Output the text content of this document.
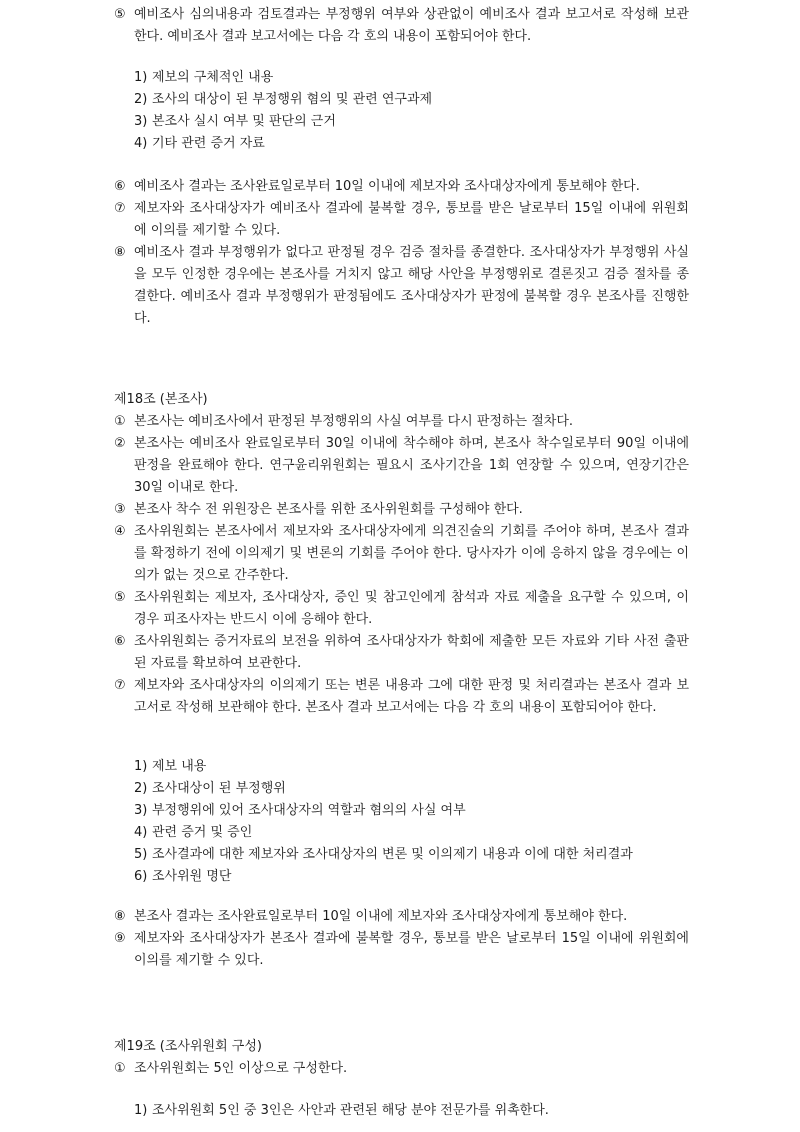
⑤ 예비조사 심의내용과 검토결과는 부정행위 여부와 상관없이 예비조사 결과 보고서로 작성해 보관한다. 예비조사 결과 보고서에는 다음 각 호의 내용이 포함되어야 한다.

1) 제보의 구체적인 내용

2) 조사의 대상이 된 부정행위 혐의 및 관련 연구과제

3) 본조사 실시 여부 및 판단의 근거

4) 기타 관련 증거 자료

⑥ 예비조사 결과는 조사완료일로부터 10일 이내에 제보자와 조사대상자에게 통보해야 한다.

⑦ 제보자와 조사대상자가 예비조사 결과에 불복할 경우, 통보를 받은 날로부터 15일 이내에 위원회에 이의를 제기할 수 있다.

⑧ 예비조사 결과 부정행위가 없다고 판정될 경우 검증 절차를 종결한다. 조사대상자가 부정행위 사실을 모두 인정한 경우에는 본조사를 거치지 않고 해당 사안을 부정행위로 결론짓고 검증 절차를 종결한다. 예비조사 결과 부정행위가 판정됨에도 조사대상자가 판정에 불복할 경우 본조사를 진행한다.

제18조 (본조사)

① 본조사는 예비조사에서 판정된 부정행위의 사실 여부를 다시 판정하는 절차다.

② 본조사는 예비조사 완료일로부터 30일 이내에 착수해야 하며, 본조사 착수일로부터 90일 이내에 판정을 완료해야 한다. 연구윤리위원회는 필요시 조사기간을 1회 연장할 수 있으며, 연장기간은 30일 이내로 한다.

③ 본조사 착수 전 위원장은 본조사를 위한 조사위원회를 구성해야 한다.

④ 조사위원회는 본조사에서 제보자와 조사대상자에게 의견진술의 기회를 주어야 하며, 본조사 결과를 확정하기 전에 이의제기 및 변론의 기회를 주어야 한다. 당사자가 이에 응하지 않을 경우에는 이의가 없는 것으로 간주한다.

⑤ 조사위원회는 제보자, 조사대상자, 증인 및 참고인에게 참석과 자료 제출을 요구할 수 있으며, 이 경우 피조사자는 반드시 이에 응해야 한다.

⑥ 조사위원회는 증거자료의 보전을 위하여 조사대상자가 학회에 제출한 모든 자료와 기타 사전 출판된 자료를 확보하여 보관한다.

⑦ 제보자와 조사대상자의 이의제기 또는 변론 내용과 그에 대한 판정 및 처리결과는 본조사 결과 보고서로 작성해 보관해야 한다. 본조사 결과 보고서에는 다음 각 호의 내용이 포함되어야 한다.

1) 제보 내용

2) 조사대상이 된 부정행위

3) 부정행위에 있어 조사대상자의 역할과 혐의의 사실 여부

4) 관련 증거 및 증인

5) 조사결과에 대한 제보자와 조사대상자의 변론 및 이의제기 내용과 이에 대한 처리결과

6) 조사위원 명단

⑧ 본조사 결과는 조사완료일로부터 10일 이내에 제보자와 조사대상자에게 통보해야 한다.

⑨ 제보자와 조사대상자가 본조사 결과에 불복할 경우, 통보를 받은 날로부터 15일 이내에 위원회에 이의를 제기할 수 있다.

제19조 (조사위원회 구성)

① 조사위원회는 5인 이상으로 구성한다.

1) 조사위원회 5인 중 3인은 사안과 관련된 해당 분야 전문가를 위촉한다.
